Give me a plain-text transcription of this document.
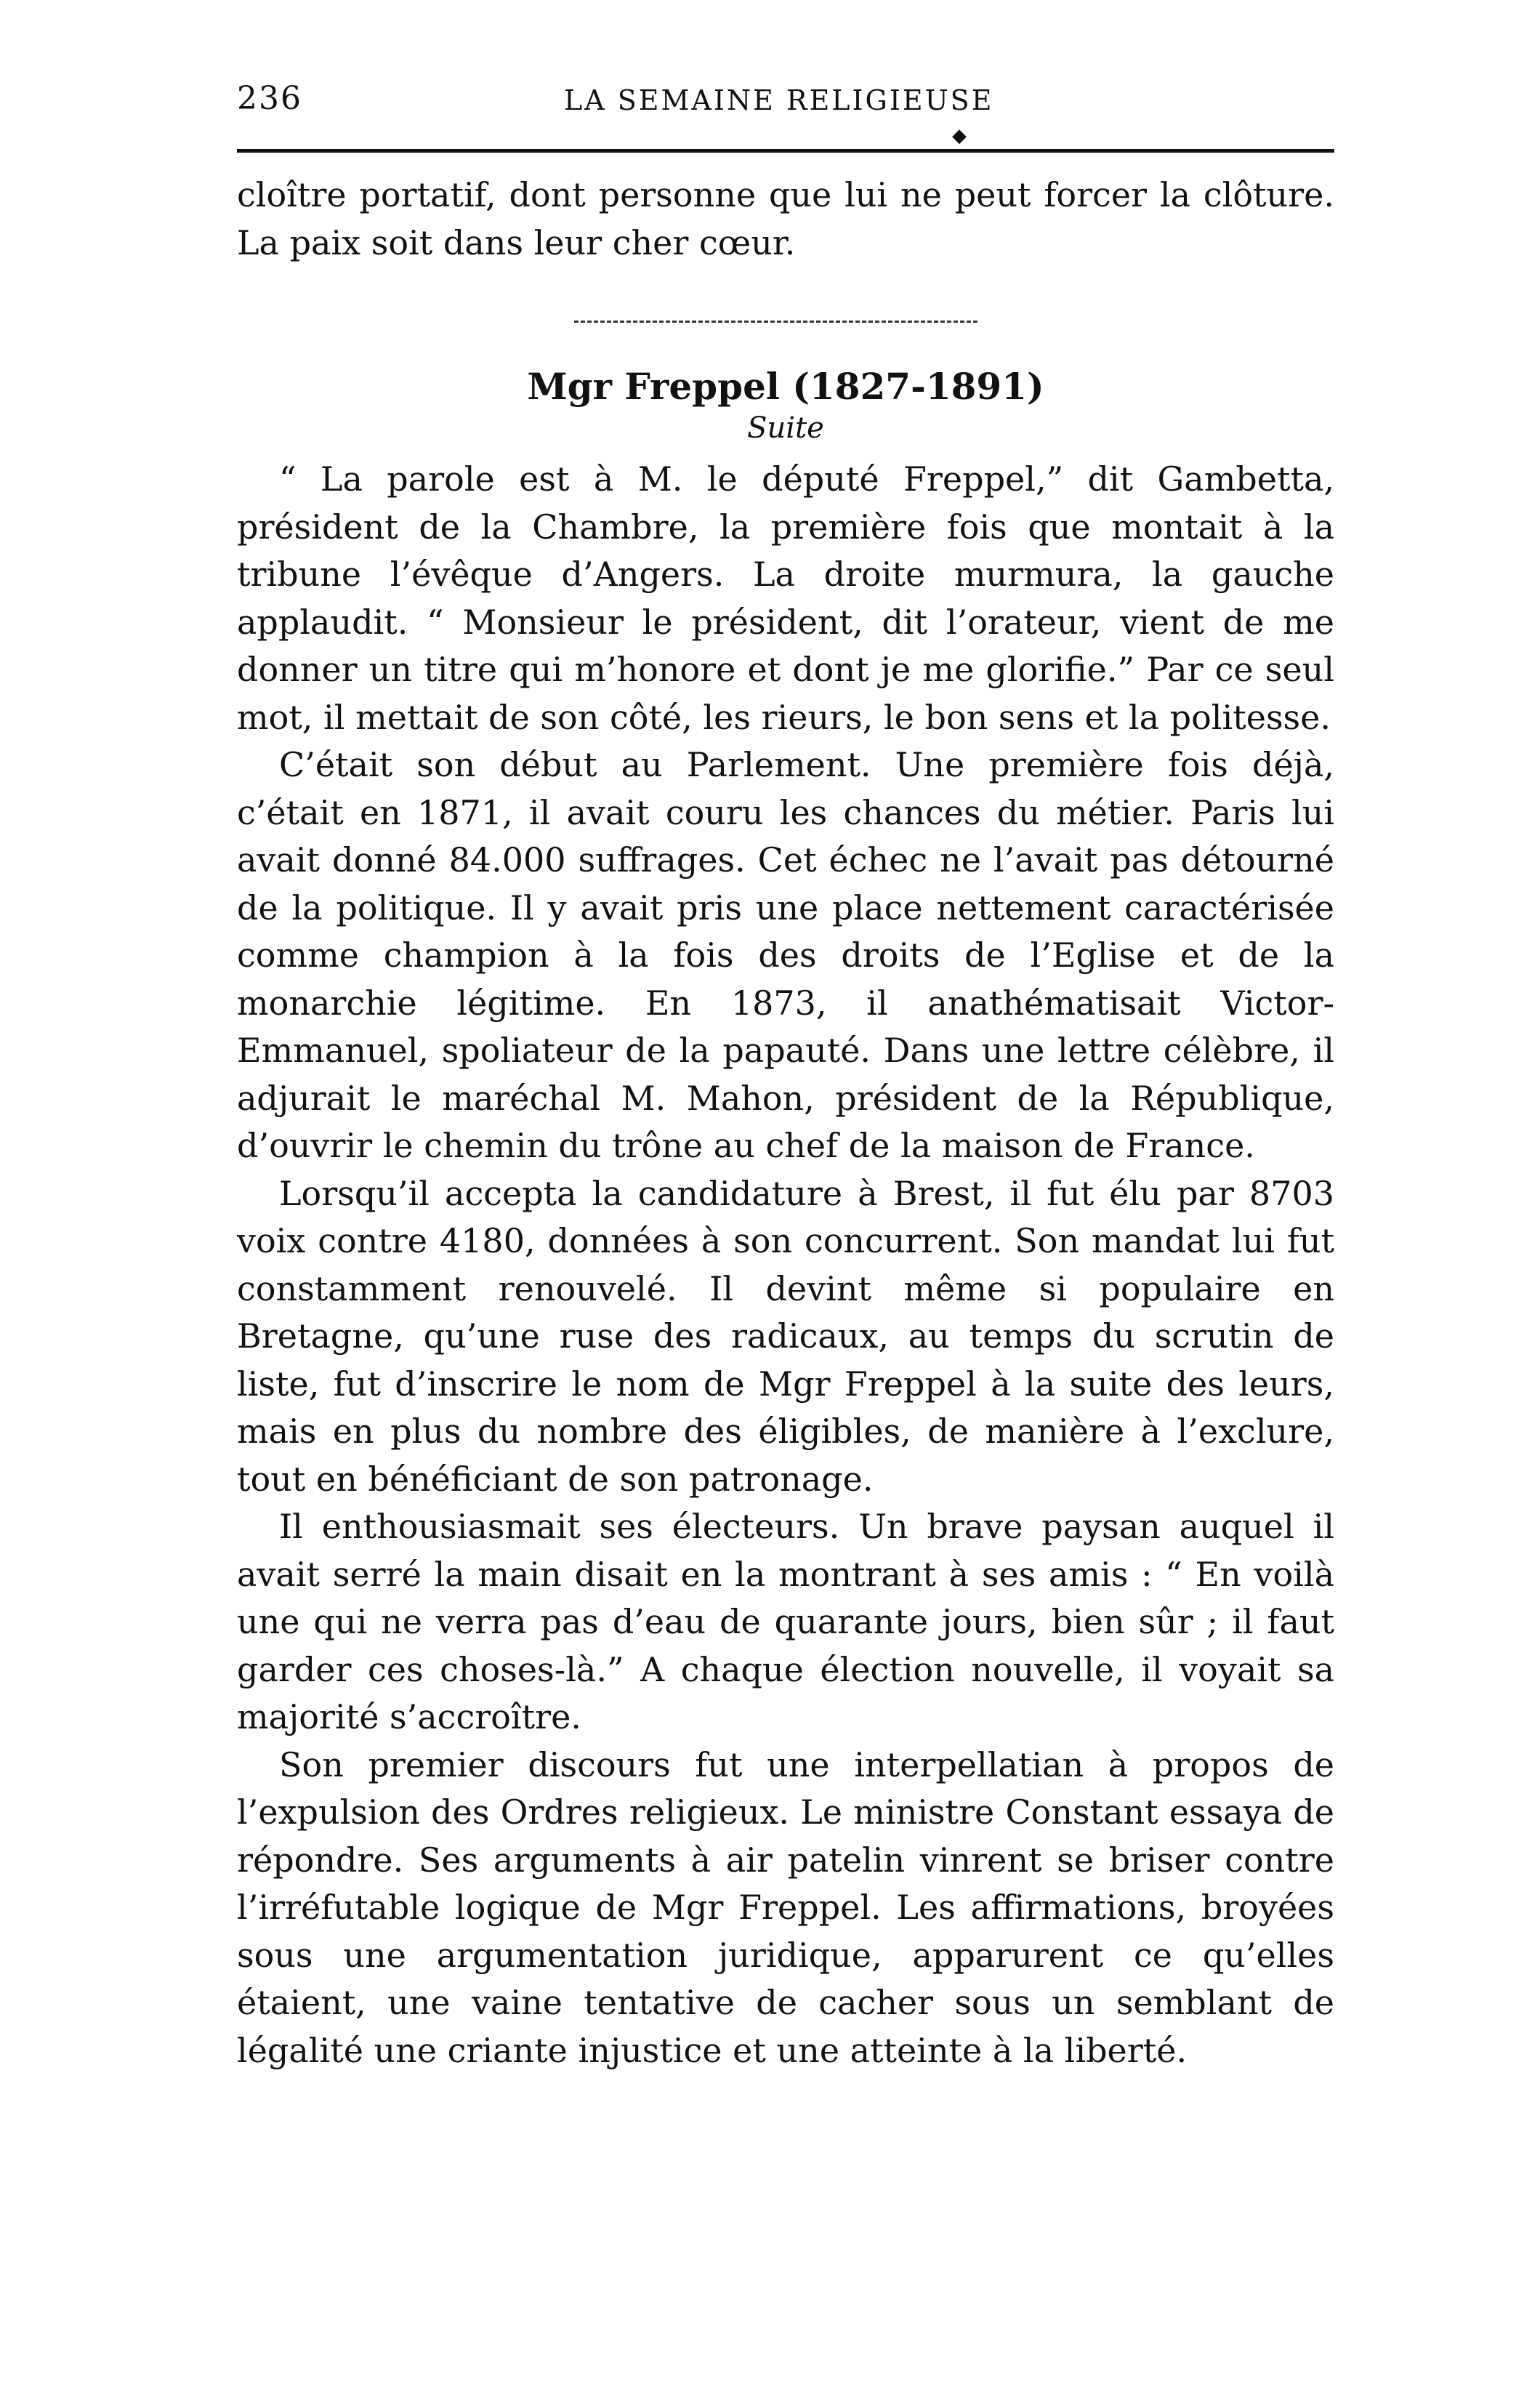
236	LA SEMAINE RELIGIEUSE
◆

cloître portatif, dont personne que lui ne peut forcer la clôture. La paix soit dans leur cher cœur.

Mgr Freppel (1827-1891)
Suite

“ La parole est à M. le député Freppel,” dit Gambetta, président de la Chambre, la première fois que montait à la tribune l’évêque d’Angers. La droite murmura, la gauche applaudit. “ Monsieur le président, dit l’orateur, vient de me donner un titre qui m’honore et dont je me glorifie.” Par ce seul mot, il mettait de son côté, les rieurs, le bon sens et la politesse.

C’était son début au Parlement. Une première fois déjà, c’était en 1871, il avait couru les chances du métier. Paris lui avait donné 84.000 suffrages. Cet échec ne l’avait pas détourné de la politique. Il y avait pris une place nettement caractérisée comme champion à la fois des droits de l’Eglise et de la monarchie légitime. En 1873, il anathématisait Victor-Emmanuel, spoliateur de la papauté. Dans une lettre célèbre, il adjurait le maréchal M. Mahon, président de la République, d’ouvrir le chemin du trône au chef de la maison de France.

Lorsqu’il accepta la candidature à Brest, il fut élu par 8703 voix contre 4180, données à son concurrent. Son mandat lui fut constamment renouvelé. Il devint même si populaire en Bretagne, qu’une ruse des radicaux, au temps du scrutin de liste, fut d’inscrire le nom de Mgr Freppel à la suite des leurs, mais en plus du nombre des éligibles, de manière à l’exclure, tout en bénéficiant de son patronage.

Il enthousiasmait ses électeurs. Un brave paysan auquel il avait serré la main disait en la montrant à ses amis : “ En voilà une qui ne verra pas d’eau de quarante jours, bien sûr ; il faut garder ces choses-là.” A chaque élection nouvelle, il voyait sa majorité s’accroître.

Son premier discours fut une interpellatian à propos de l’expulsion des Ordres religieux. Le ministre Constant essaya de répondre. Ses arguments à air patelin vinrent se briser contre l’irréfutable logique de Mgr Freppel. Les affirmations, broyées sous une argumentation juridique, apparurent ce qu’elles étaient, une vaine tentative de cacher sous un semblant de légalité une criante injustice et une atteinte à la liberté.
